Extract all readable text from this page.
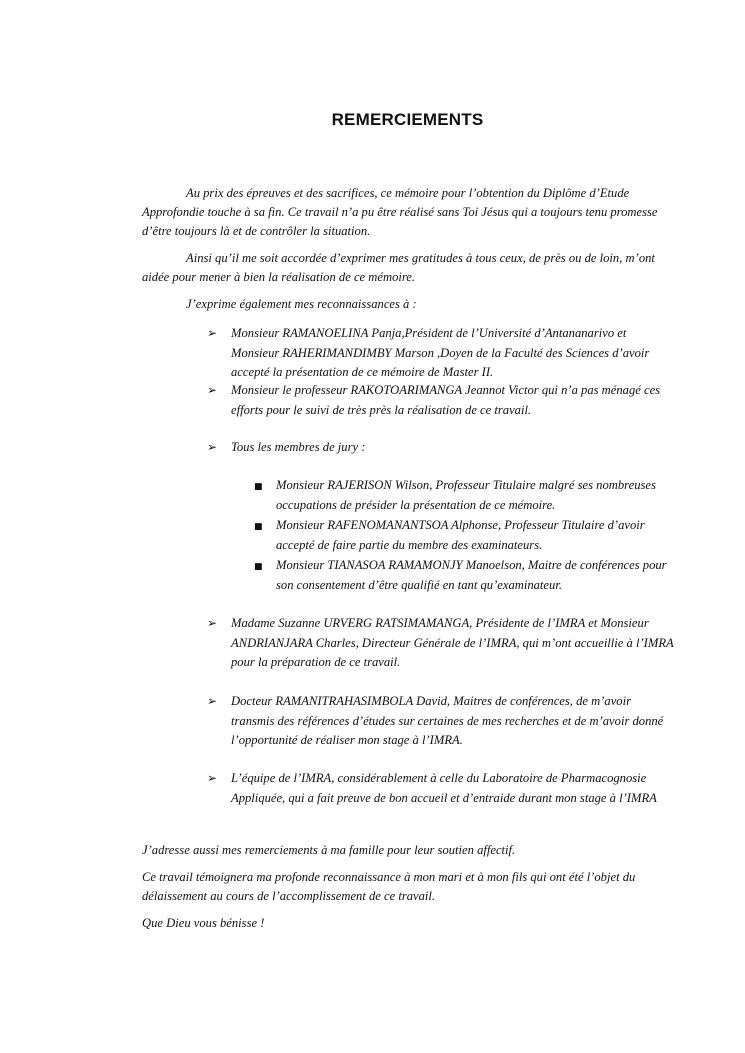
REMERCIEMENTS

Au prix des épreuves et des sacrifices, ce mémoire pour l’obtention du Diplôme d’Etude Approfondie touche à sa fin. Ce travail n’a pu être réalisé sans Toi Jésus qui a toujours tenu promesse d’être toujours là et de contrôler la situation.

Ainsi qu’il me soit accordée d’exprimer mes gratitudes à tous ceux, de près ou de loin, m’ont aidée pour mener à bien la réalisation de ce mémoire.

J’exprime également mes reconnaissances à :

➢ Monsieur RAMANOELINA Panja,Président de l’Université d’Antananarivo et Monsieur RAHERIMANDIMBY Marson ,Doyen de la Faculté des Sciences d’avoir accepté la présentation de ce mémoire de Master II.
➢ Monsieur le professeur RAKOTOARIMANGA Jeannot Victor qui n’a pas ménagé ces efforts pour le suivi de très près la réalisation de ce travail.
➢ Tous les membres de jury :
■ Monsieur RAJERISON Wilson, Professeur Titulaire malgré ses nombreuses occupations de présider la présentation de ce mémoire.
■ Monsieur RAFENOMANANTSOA Alphonse, Professeur Titulaire d’avoir accepté de faire partie du membre des examinateurs.
■ Monsieur TIANASOA RAMAMONJY Manoelson, Maitre de conférences pour son consentement d’être qualifié en tant qu’examinateur.
➢ Madame Suzanne URVERG RATSIMAMANGA, Présidente de l’IMRA et Monsieur ANDRIANJARA Charles, Directeur Générale de l’IMRA, qui m’ont accueillie à l’IMRA pour la préparation de ce travail.
➢ Docteur RAMANITRAHASIMBOLA David, Maitres de conférences, de m’avoir transmis des références d’études sur certaines de mes recherches et de m’avoir donné l’opportunité de réaliser mon stage à l’IMRA.
➢ L’équipe de l’IMRA, considérablement à celle du Laboratoire de Pharmacognosie Appliquée, qui a fait preuve de bon accueil et d’entraide durant mon stage à l’IMRA

J’adresse aussi mes remerciements à ma famille pour leur soutien affectif.

Ce travail témoignera ma profonde reconnaissance à mon mari et à mon fils qui ont été l’objet du délaissement au cours de l’accomplissement de ce travail.

Que Dieu vous bénisse !
